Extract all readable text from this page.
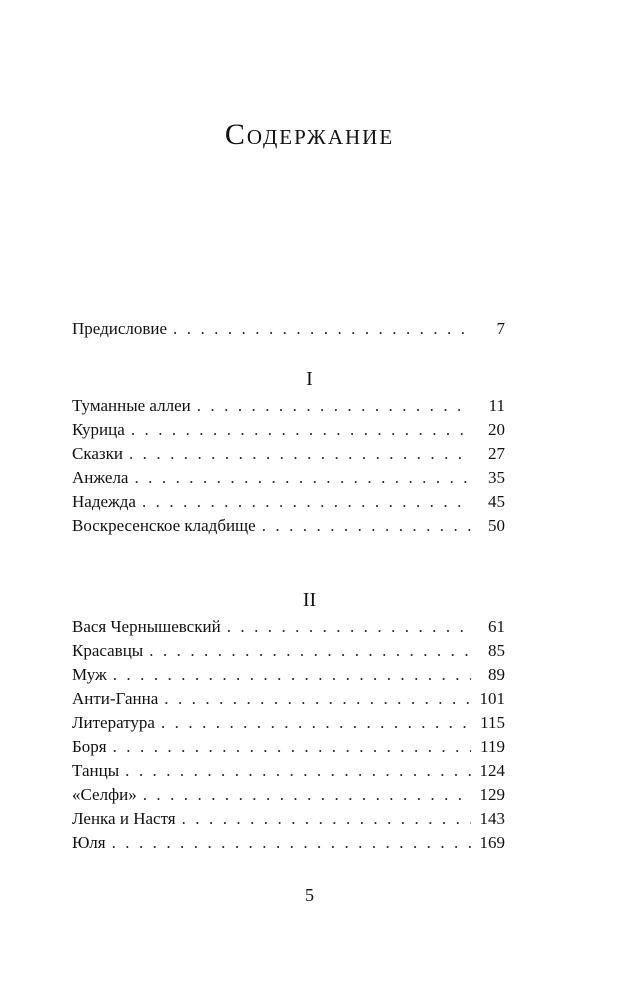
Содержание
Предисловие . . .	7
I
Туманные аллеи . . .	11
Курица . . .	20
Сказки . . .	27
Анжела . . .	35
Надежда . . .	45
Воскресенское кладбище . . .	50
II
Вася Чернышевский . . .	61
Красавцы . . .	85
Муж . . .	89
Анти-Ганна . . .	101
Литература . . .	115
Боря . . .	119
Танцы . . .	124
«Селфи» . . .	129
Ленка и Настя . . .	143
Юля . . .	169
5
